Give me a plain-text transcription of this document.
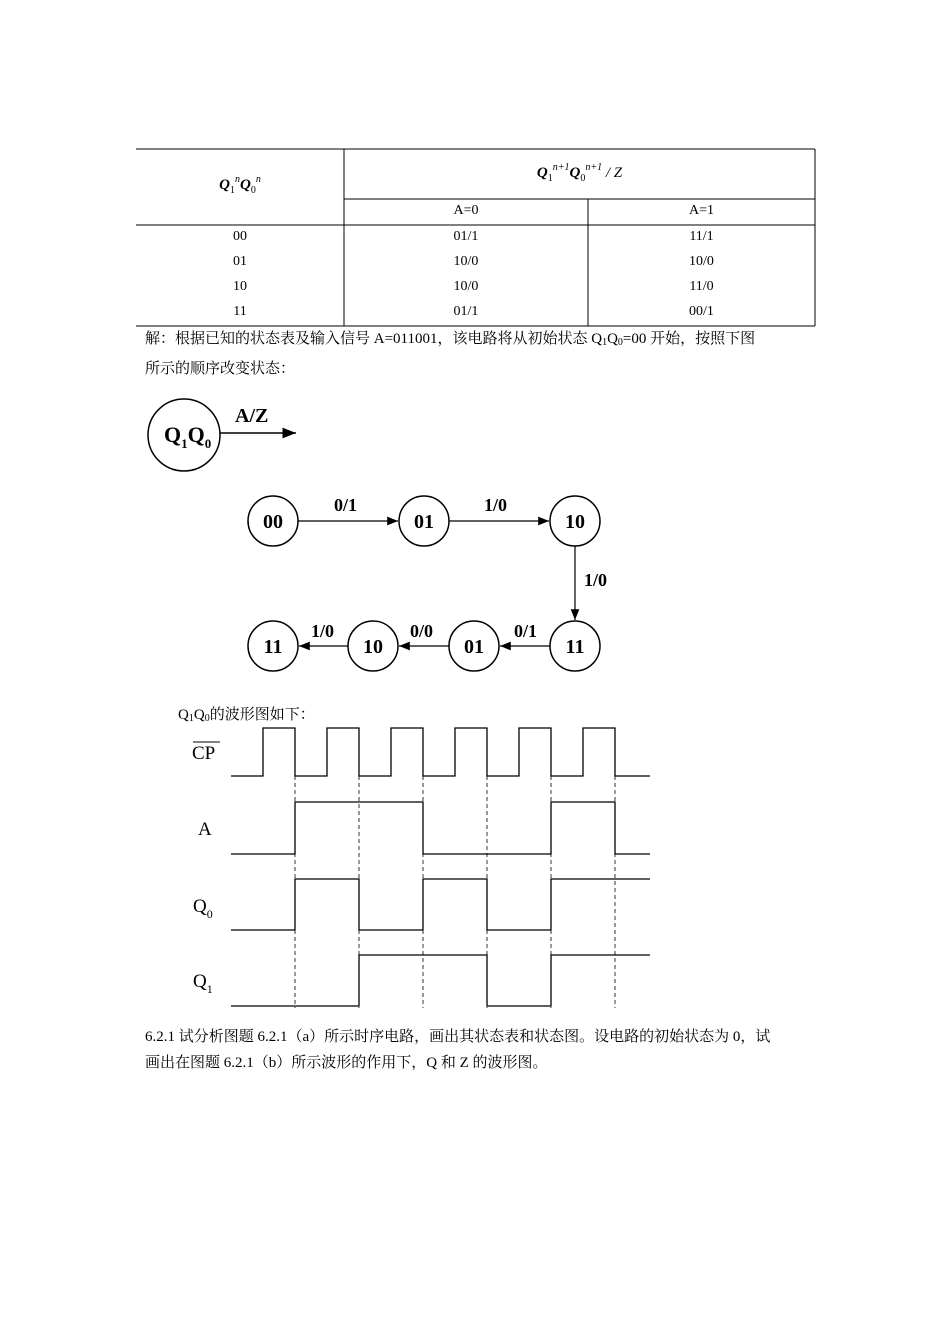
$Q_1^nQ_0^n$	$Q_1^{n+1}Q_0^{n+1}$ / Z
A=0	A=1
00	01/1	11/1
01	10/0	10/0
10	10/0	11/0
11	01/1	00/1
解：根据已知的状态表及输入信号 A=011001，该电路将从初始状态 $Q_1Q_0=00$ 开始，按照下图
所示的顺序改变状态：
$Q_1Q_0$
A/Z
00	01	10
11
01
10
11
0/1	1/0
1/0
0/1
0/0
1/0
$Q_1Q_0$的波形图如下：
CP
A
$Q_0$
$Q_1$
6.2.1 试分析图题 6.2.1（a）所示时序电路，画出其状态表和状态图。设电路的初始状态为 0，试
画出在图题 6.2.1（b）所示波形的作用下，Q 和 Z 的波形图。
